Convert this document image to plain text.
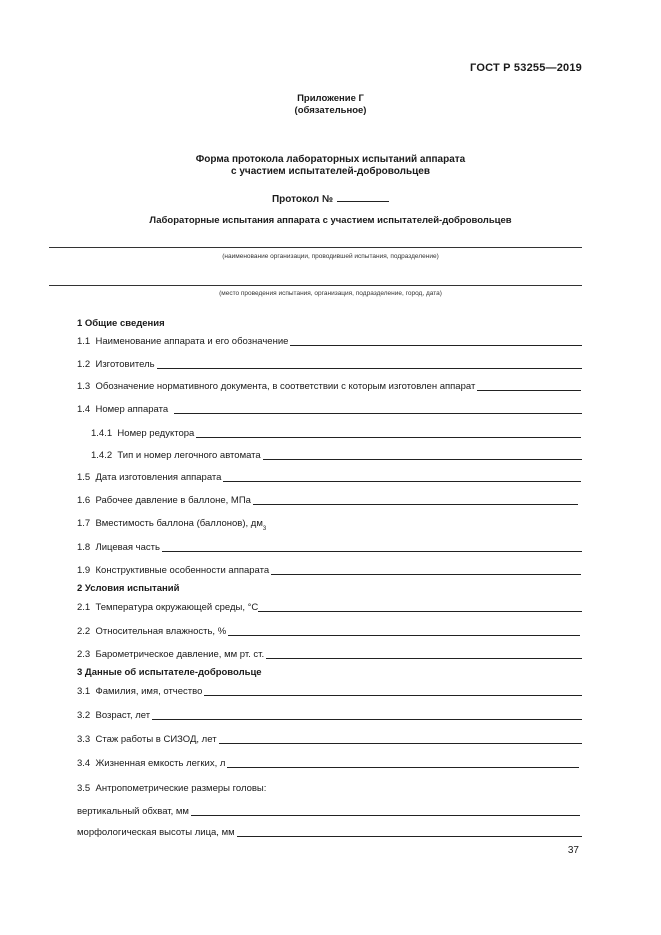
ГОСТ Р 53255—2019
Приложение Г
(обязательное)
Форма протокола лабораторных испытаний аппарата
с участием испытателей-добровольцев
Протокол №
Лабораторные испытания аппарата с участием испытателей-добровольцев
(наименование организации, проводившей испытания, подразделение)
(место проведения испытания, организация, подразделение, город, дата)
1 Общие сведения
1.1 Наименование аппарата и его обозначение
1.2 Изготовитель
1.3 Обозначение нормативного документа, в соответствии с которым изготовлен аппарат
1.4 Номер аппарата
1.4.1 Номер редуктора
1.4.2 Тип и номер легочного автомата
1.5 Дата изготовления аппарата
1.6 Рабочее давление в баллоне, МПа
1.7 Вместимость баллона (баллонов), дм 3
1.8 Лицевая часть
1.9 Конструктивные особенности аппарата
2 Условия испытаний
2.1 Температура окружающей среды, °С
2.2 Относительная влажность, %
2.3 Барометрическое давление, мм рт. ст.
3 Данные об испытателе-добровольце
3.1 Фамилия, имя, отчество
3.2 Возраст, лет
3.3 Стаж работы в СИЗОД, лет
3.4 Жизненная емкость легких, л
3.5 Антропометрические размеры головы:
вертикальный обхват, мм
морфологическая высоты лица, мм
37
